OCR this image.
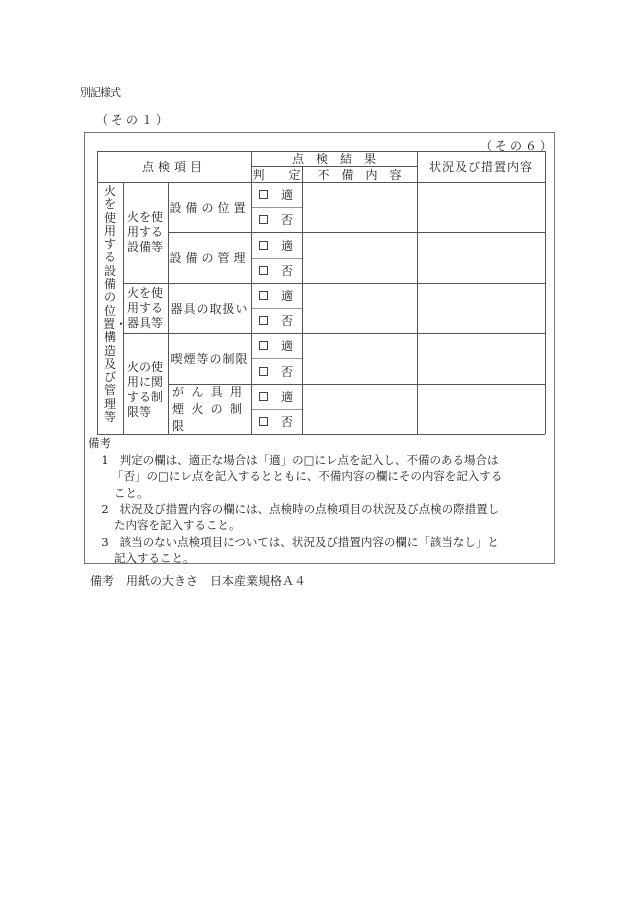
別記様式
（その１）
（その６）
点検項目
点　検　結　果
判　　定	不　備　内　容
状況及び措置内容
火を使用する設備の位置・構造及び管理等
火を使用する設備等
火を使用する器具等
火の使用に関する制限等
設備の位置
設備の管理
器具の取扱い
喫煙等の制限
がん具用煙火の制限
適
否
適
否
適
否
適
否
適
否
備考
1 判定の欄は、適正な場合は「適」の□にレ点を記入し、不備のある場合は
「否」の□にレ点を記入するとともに、不備内容の欄にその内容を記入する
こと。
2 状況及び措置内容の欄には、点検時の点検項目の状況及び点検の際措置し
た内容を記入すること。
3 該当のない点検項目については、状況及び措置内容の欄に「該当なし」と
記入すること。
備考　用紙の大きさ　日本産業規格Ａ４
